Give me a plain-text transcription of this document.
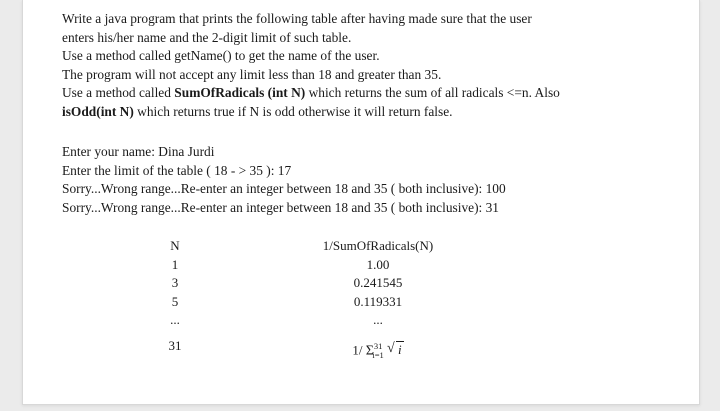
Write a java program that prints the following table after having made sure that the user
enters his/her name and the 2-digit limit of such table.
Use a method called getName() to get the name of the user.
The program will not accept any limit less than 18 and greater than 35.
Use a method called SumOfRadicals (int N) which returns the sum of all radicals <=n. Also
isOdd(int N) which returns true if N is odd otherwise it will return false.
Enter your name: Dina Jurdi
Enter the limit of the table ( 18 - > 35 ): 17
Sorry...Wrong range...Re-enter an integer between 18 and 35 ( both inclusive): 100
Sorry...Wrong range...Re-enter an integer between 18 and 35 ( both inclusive): 31
N
1
3
5
...
31
1/SumOfRadicals(N)
1.00
0.241545
0.119331
...
1/ $\Sigma^{31}_{i=1}$ √ i
